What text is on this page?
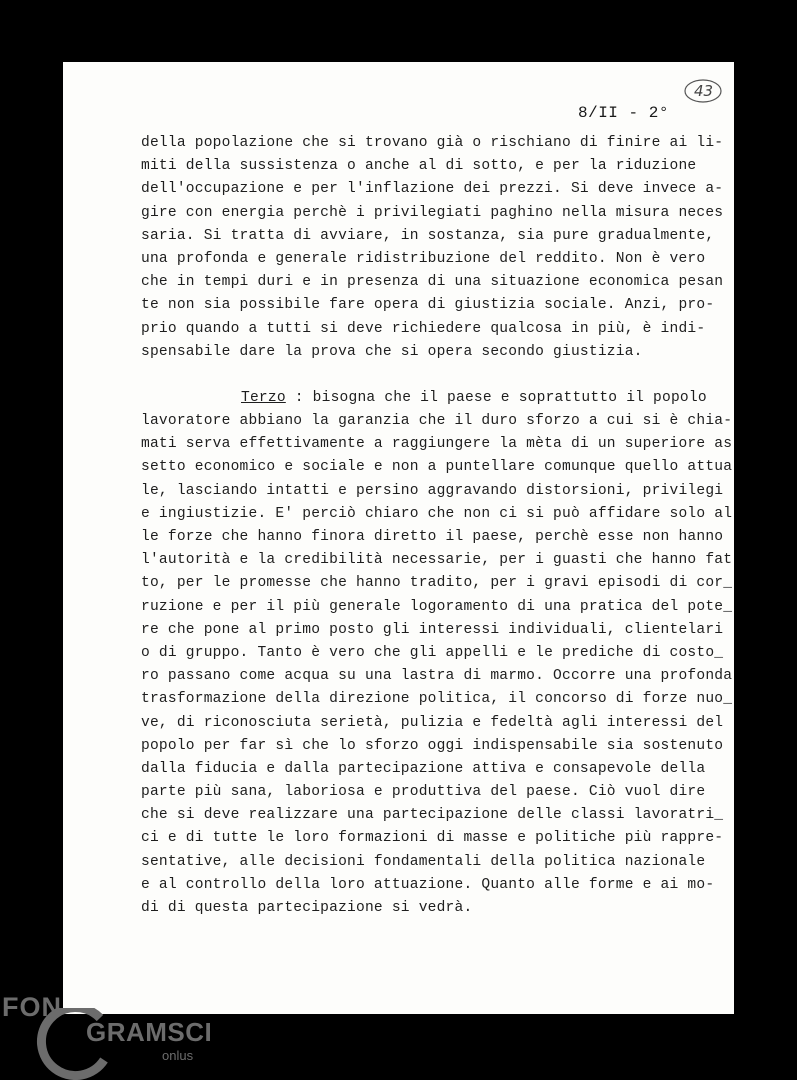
8/II - 2°
43
della popolazione che si trovano già o rischiano di finire ai li-
miti della sussistenza o anche al di sotto, e per la riduzione
dell'occupazione e per l'inflazione dei prezzi. Si deve invece a-
gire con energia perchè i privilegiati paghino nella misura neces
saria. Si tratta di avviare, in sostanza, sia pure gradualmente,
una profonda e generale ridistribuzione del reddito. Non è vero
che in tempi duri e in presenza di una situazione economica pesan
te non sia possibile fare opera di giustizia sociale. Anzi, pro-
prio quando a tutti si deve richiedere qualcosa in più, è indi-
spensabile dare la prova che si opera secondo giustizia.
Terzo : bisogna che il paese e soprattutto il popolo
lavoratore abbiano la garanzia che il duro sforzo a cui si è chia-
mati serva effettivamente a raggiungere la mèta di un superiore as
setto economico e sociale e non a puntellare comunque quello attua
le, lasciando intatti e persino aggravando distorsioni, privilegi
e ingiustizie. E' perciò chiaro che non ci si può affidare solo al
le forze che hanno finora diretto il paese, perchè esse non hanno
l'autorità e la credibilità necessarie, per i guasti che hanno fat
to, per le promesse che hanno tradito, per i gravi episodi di cor_
ruzione e per il più generale logoramento di una pratica del pote_
re che pone al primo posto gli interessi individuali, clientelari
o di gruppo. Tanto è vero che gli appelli e le prediche di costo_
ro passano come acqua su una lastra di marmo. Occorre una profonda
trasformazione della direzione politica, il concorso di forze nuo_
ve, di riconosciuta serietà, pulizia e fedeltà agli interessi del
popolo per far sì che lo sforzo oggi indispensabile sia sostenuto
dalla fiducia e dalla partecipazione attiva e consapevole della
parte più sana, laboriosa e produttiva del paese. Ciò vuol dire
che si deve realizzare una partecipazione delle classi lavoratri_
ci e di tutte le loro formazioni di masse e politiche più rappre-
sentative, alle decisioni fondamentali della politica nazionale
e al controllo della loro attuazione. Quanto alle forme e ai mo-
di di questa partecipazione si vedrà.
FON
GRAMSCI
onlus
